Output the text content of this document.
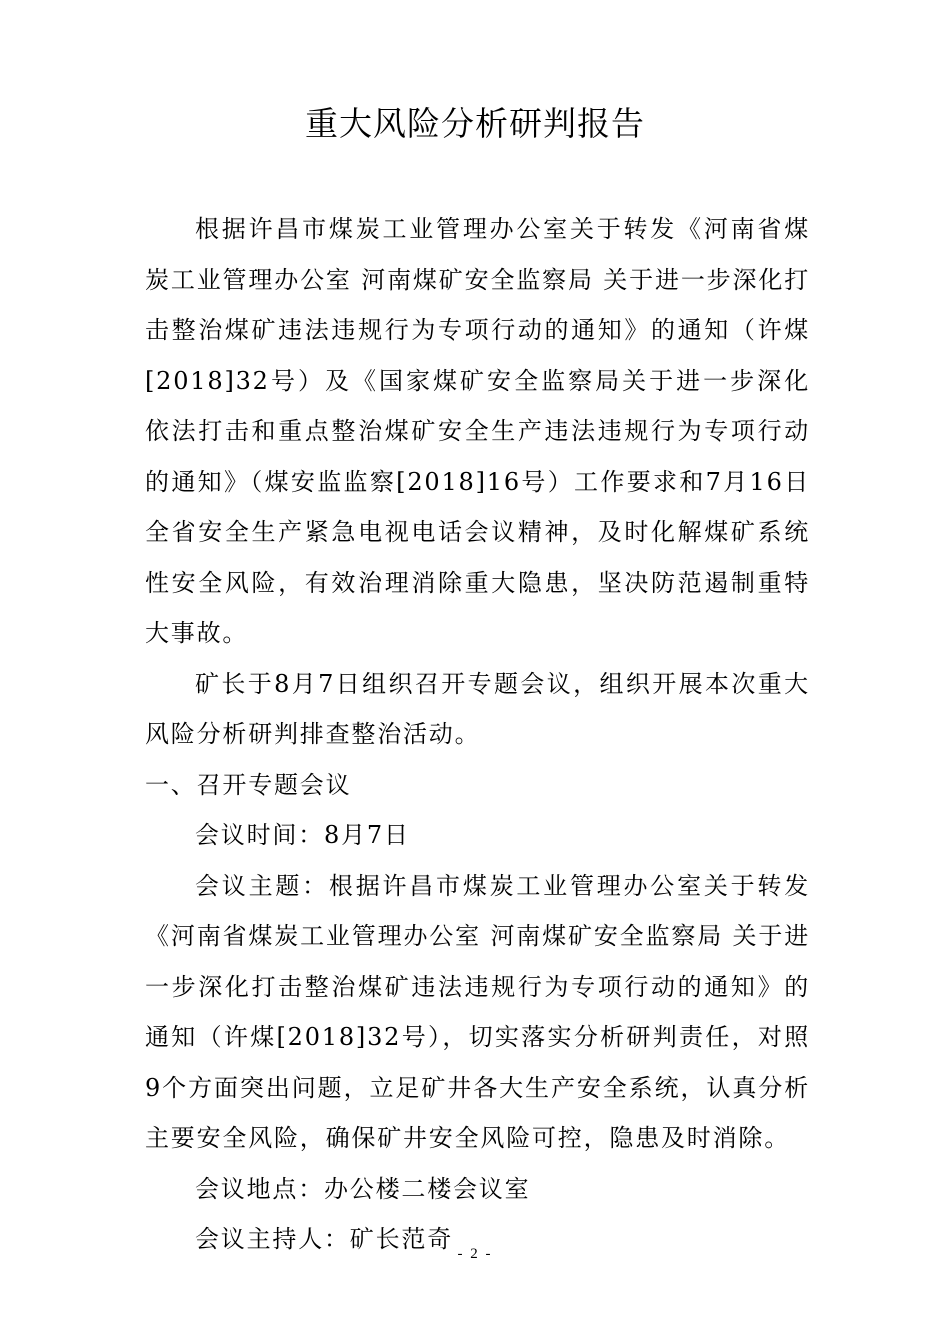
重大风险分析研判报告

根据许昌市煤炭工业管理办公室关于转发《河南省煤炭工业管理办公室 河南煤矿安全监察局 关于进一步深化打击整治煤矿违法违规行为专项行动的通知》的通知（许煤[2018]32号）及《国家煤矿安全监察局关于进一步深化依法打击和重点整治煤矿安全生产违法违规行为专项行动的通知》（煤安监监察[2018]16号）工作要求和7月16日全省安全生产紧急电视电话会议精神，及时化解煤矿系统性安全风险，有效治理消除重大隐患，坚决防范遏制重特大事故。

矿长于8月7日组织召开专题会议，组织开展本次重大风险分析研判排查整治活动。

一、召开专题会议

会议时间：8月7日

会议主题：根据许昌市煤炭工业管理办公室关于转发《河南省煤炭工业管理办公室 河南煤矿安全监察局 关于进一步深化打击整治煤矿违法违规行为专项行动的通知》的通知（许煤[2018]32号），切实落实分析研判责任，对照9个方面突出问题，立足矿井各大生产安全系统，认真分析主要安全风险，确保矿井安全风险可控，隐患及时消除。

会议地点：办公楼二楼会议室

会议主持人：矿长范奇

- 2 -
